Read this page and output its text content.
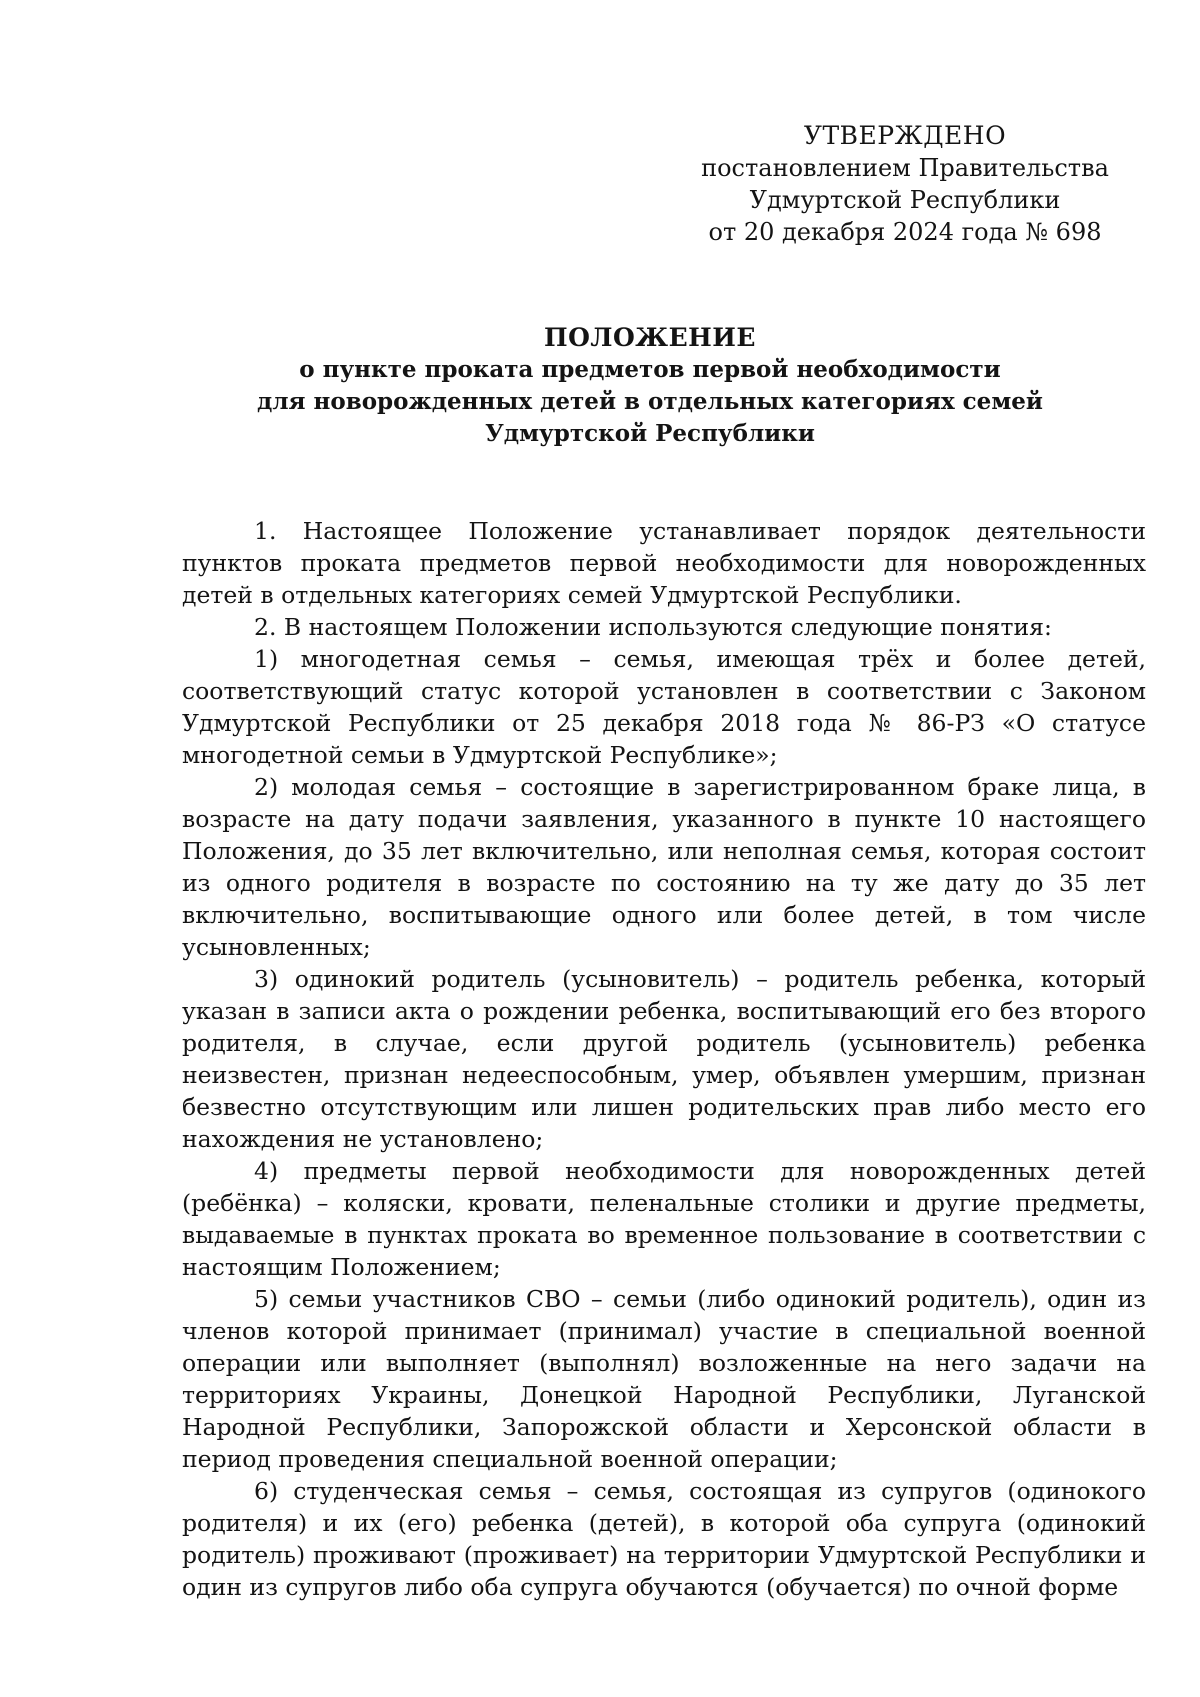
УТВЕРЖДЕНО
постановлением Правительства
Удмуртской Республики
от 20 декабря 2024 года № 698
ПОЛОЖЕНИЕ
о пункте проката предметов первой необходимости
для новорожденных детей в отдельных категориях семей
Удмуртской Республики

1. Настоящее Положение устанавливает порядок деятельности пунктов проката предметов первой необходимости для новорожденных детей в отдельных категориях семей Удмуртской Республики.

2. В настоящем Положении используются следующие понятия:

1) многодетная семья – семья, имеющая трёх и более детей, соответствующий статус которой установлен в соответствии с Законом Удмуртской Республики от 25 декабря 2018 года № 86-РЗ «О статусе многодетной семьи в Удмуртской Республике»;

2) молодая семья – состоящие в зарегистрированном браке лица, в возрасте на дату подачи заявления, указанного в пункте 10 настоящего Положения, до 35 лет включительно, или неполная семья, которая состоит из одного родителя в возрасте по состоянию на ту же дату до 35 лет включительно, воспитывающие одного или более детей, в том числе усыновленных;

3) одинокий родитель (усыновитель) – родитель ребенка, который указан в записи акта о рождении ребенка, воспитывающий его без второго родителя, в случае, если другой родитель (усыновитель) ребенка неизвестен, признан недееспособным, умер, объявлен умершим, признан безвестно отсутствующим или лишен родительских прав либо место его нахождения не установлено;

4) предметы первой необходимости для новорожденных детей (ребёнка) – коляски, кровати, пеленальные столики и другие предметы, выдаваемые в пунктах проката во временное пользование в соответствии с настоящим Положением;

5) семьи участников СВО – семьи (либо одинокий родитель), один из членов которой принимает (принимал) участие в специальной военной операции или выполняет (выполнял) возложенные на него задачи на территориях Украины, Донецкой Народной Республики, Луганской Народной Республики, Запорожской области и Херсонской области в период проведения специальной военной операции;

6) студенческая семья – семья, состоящая из супругов (одинокого родителя) и их (его) ребенка (детей), в которой оба супруга (одинокий родитель) проживают (проживает) на территории Удмуртской Республики и один из супругов либо оба супруга обучаются (обучается) по очной форме
